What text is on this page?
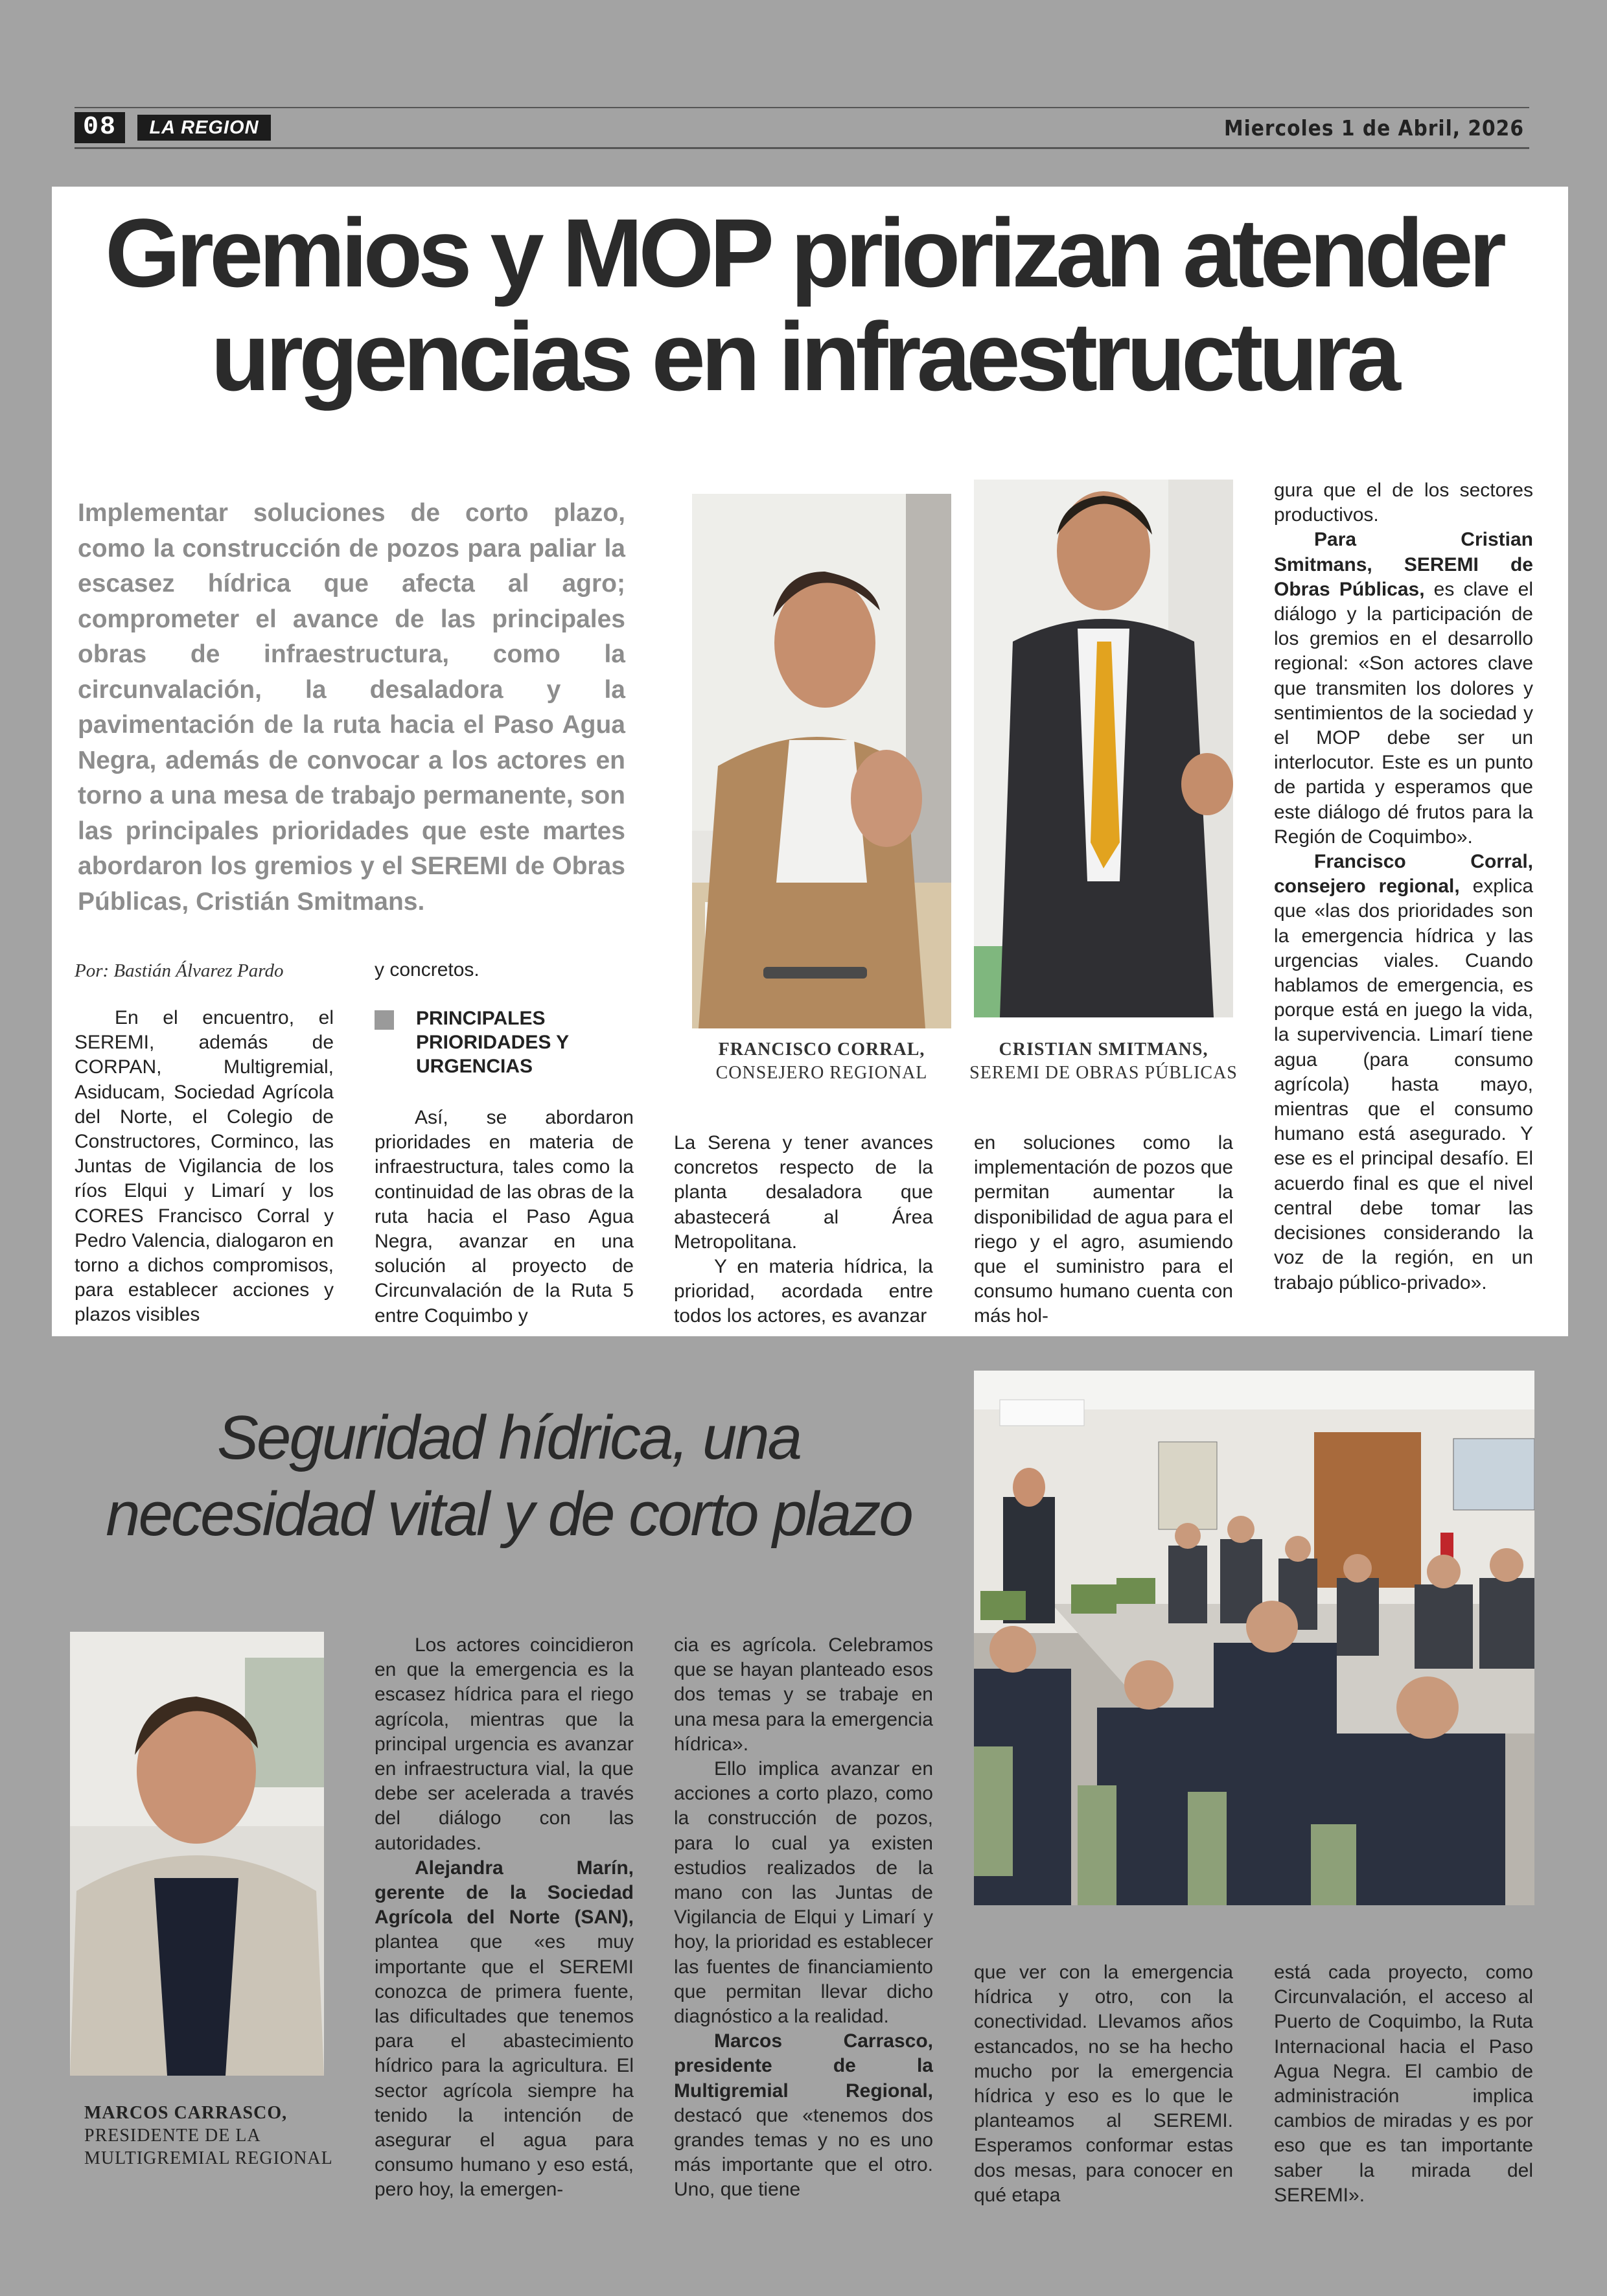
08	LA REGION	Miercoles 1 de Abril, 2026
Gremios y MOP priorizan atender
urgencias en infraestructura
Implementar soluciones de corto plazo, como la construcción de pozos para paliar la escasez hídrica que afecta al agro; comprometer el avance de las principales obras de infraestructura, como la circunvalación, la desaladora y la pavimentación de la ruta hacia el Paso Agua Negra, además de convocar a los actores en torno a una mesa de trabajo permanente, son las principales prioridades que este martes abordaron los gremios y el SEREMI de Obras Públicas, Cristián Smitmans.
Por: Bastián Álvarez Pardo

En el encuentro, el SEREMI, además de CORPAN, Multigremial, Asiducam, Sociedad Agrícola del Norte, el Colegio de Constructores, Corminco, las Juntas de Vigilancia de los ríos Elqui y Limarí y los CORES Francisco Corral y Pedro Valencia, dialogaron en torno a dichos compromisos, para establecer acciones y plazos visibles

y concretos.

PRINCIPALES PRIORIDADES Y URGENCIAS

Así, se abordaron prioridades en materia de infraestructura, tales como la continuidad de las obras de la ruta hacia el Paso Agua Negra, avanzar en una solución al proyecto de Circunvalación de la Ruta 5 entre Coquimbo y

La Serena y tener avances concretos respecto de la planta desaladora que abastecerá al Área Metropolitana.

Y en materia hídrica, la prioridad, acordada entre todos los actores, es avanzar

en soluciones como la implementación de pozos que permitan aumentar la disponibilidad de agua para el riego y el agro, asumiendo que el suministro para el consumo humano cuenta con más hol-

gura que el de los sectores productivos.

Para Cristian Smitmans, SEREMI de Obras Públicas, es clave el diálogo y la participación de los gremios en el desarrollo regional: «Son actores clave que transmiten los dolores y sentimientos de la sociedad y el MOP debe ser un interlocutor. Este es un punto de partida y esperamos que este diálogo dé frutos para la Región de Coquimbo».

Francisco Corral, consejero regional, explica que «las dos prioridades son la emergencia hídrica y las urgencias viales. Cuando hablamos de emergencia, es porque está en juego la vida, la supervivencia. Limarí tiene agua (para consumo agrícola) hasta mayo, mientras que el consumo humano está asegurado. Y ese es el principal desafío. El acuerdo final es que el nivel central debe tomar las decisiones considerando la voz de la región, en un trabajo público-privado».

FRANCISCO CORRAL,
CONSEJERO REGIONAL
CRISTIAN SMITMANS,
SEREMI DE OBRAS PÚBLICAS
Seguridad hídrica, una
necesidad vital y de corto plazo
MARCOS CARRASCO,
PRESIDENTE DE LA
MULTIGREMIAL REGIONAL

Los actores coincidieron en que la emergencia es la escasez hídrica para el riego agrícola, mientras que la principal urgencia es avanzar en infraestructura vial, la que debe ser acelerada a través del diálogo con las autoridades.

Alejandra Marín, gerente de la Sociedad Agrícola del Norte (SAN), plantea que «es muy importante que el SEREMI conozca de primera fuente, las dificultades que tenemos para el abastecimiento hídrico para la agricultura. El sector agrícola siempre ha tenido la intención de asegurar el agua para consumo humano y eso está, pero hoy, la emergen-

cia es agrícola. Celebramos que se hayan planteado esos dos temas y se trabaje en una mesa para la emergencia hídrica».

Ello implica avanzar en acciones a corto plazo, como la construcción de pozos, para lo cual ya existen estudios realizados de la mano con las Juntas de Vigilancia de Elqui y Limarí y hoy, la prioridad es establecer las fuentes de financiamiento que permitan llevar dicho diagnóstico a la realidad.

Marcos Carrasco, presidente de la Multigremial Regional, destacó que «tenemos dos grandes temas y no es uno más importante que el otro. Uno, que tiene

que ver con la emergencia hídrica y otro, con la conectividad. Llevamos años estancados, no se ha hecho mucho por la emergencia hídrica y eso es lo que le planteamos al SEREMI. Esperamos conformar estas dos mesas, para conocer en qué etapa

está cada proyecto, como Circunvalación, el acceso al Puerto de Coquimbo, la Ruta Internacional hacia el Paso Agua Negra. El cambio de administración implica cambios de miradas y es por eso que es tan importante saber la mirada del SEREMI».
